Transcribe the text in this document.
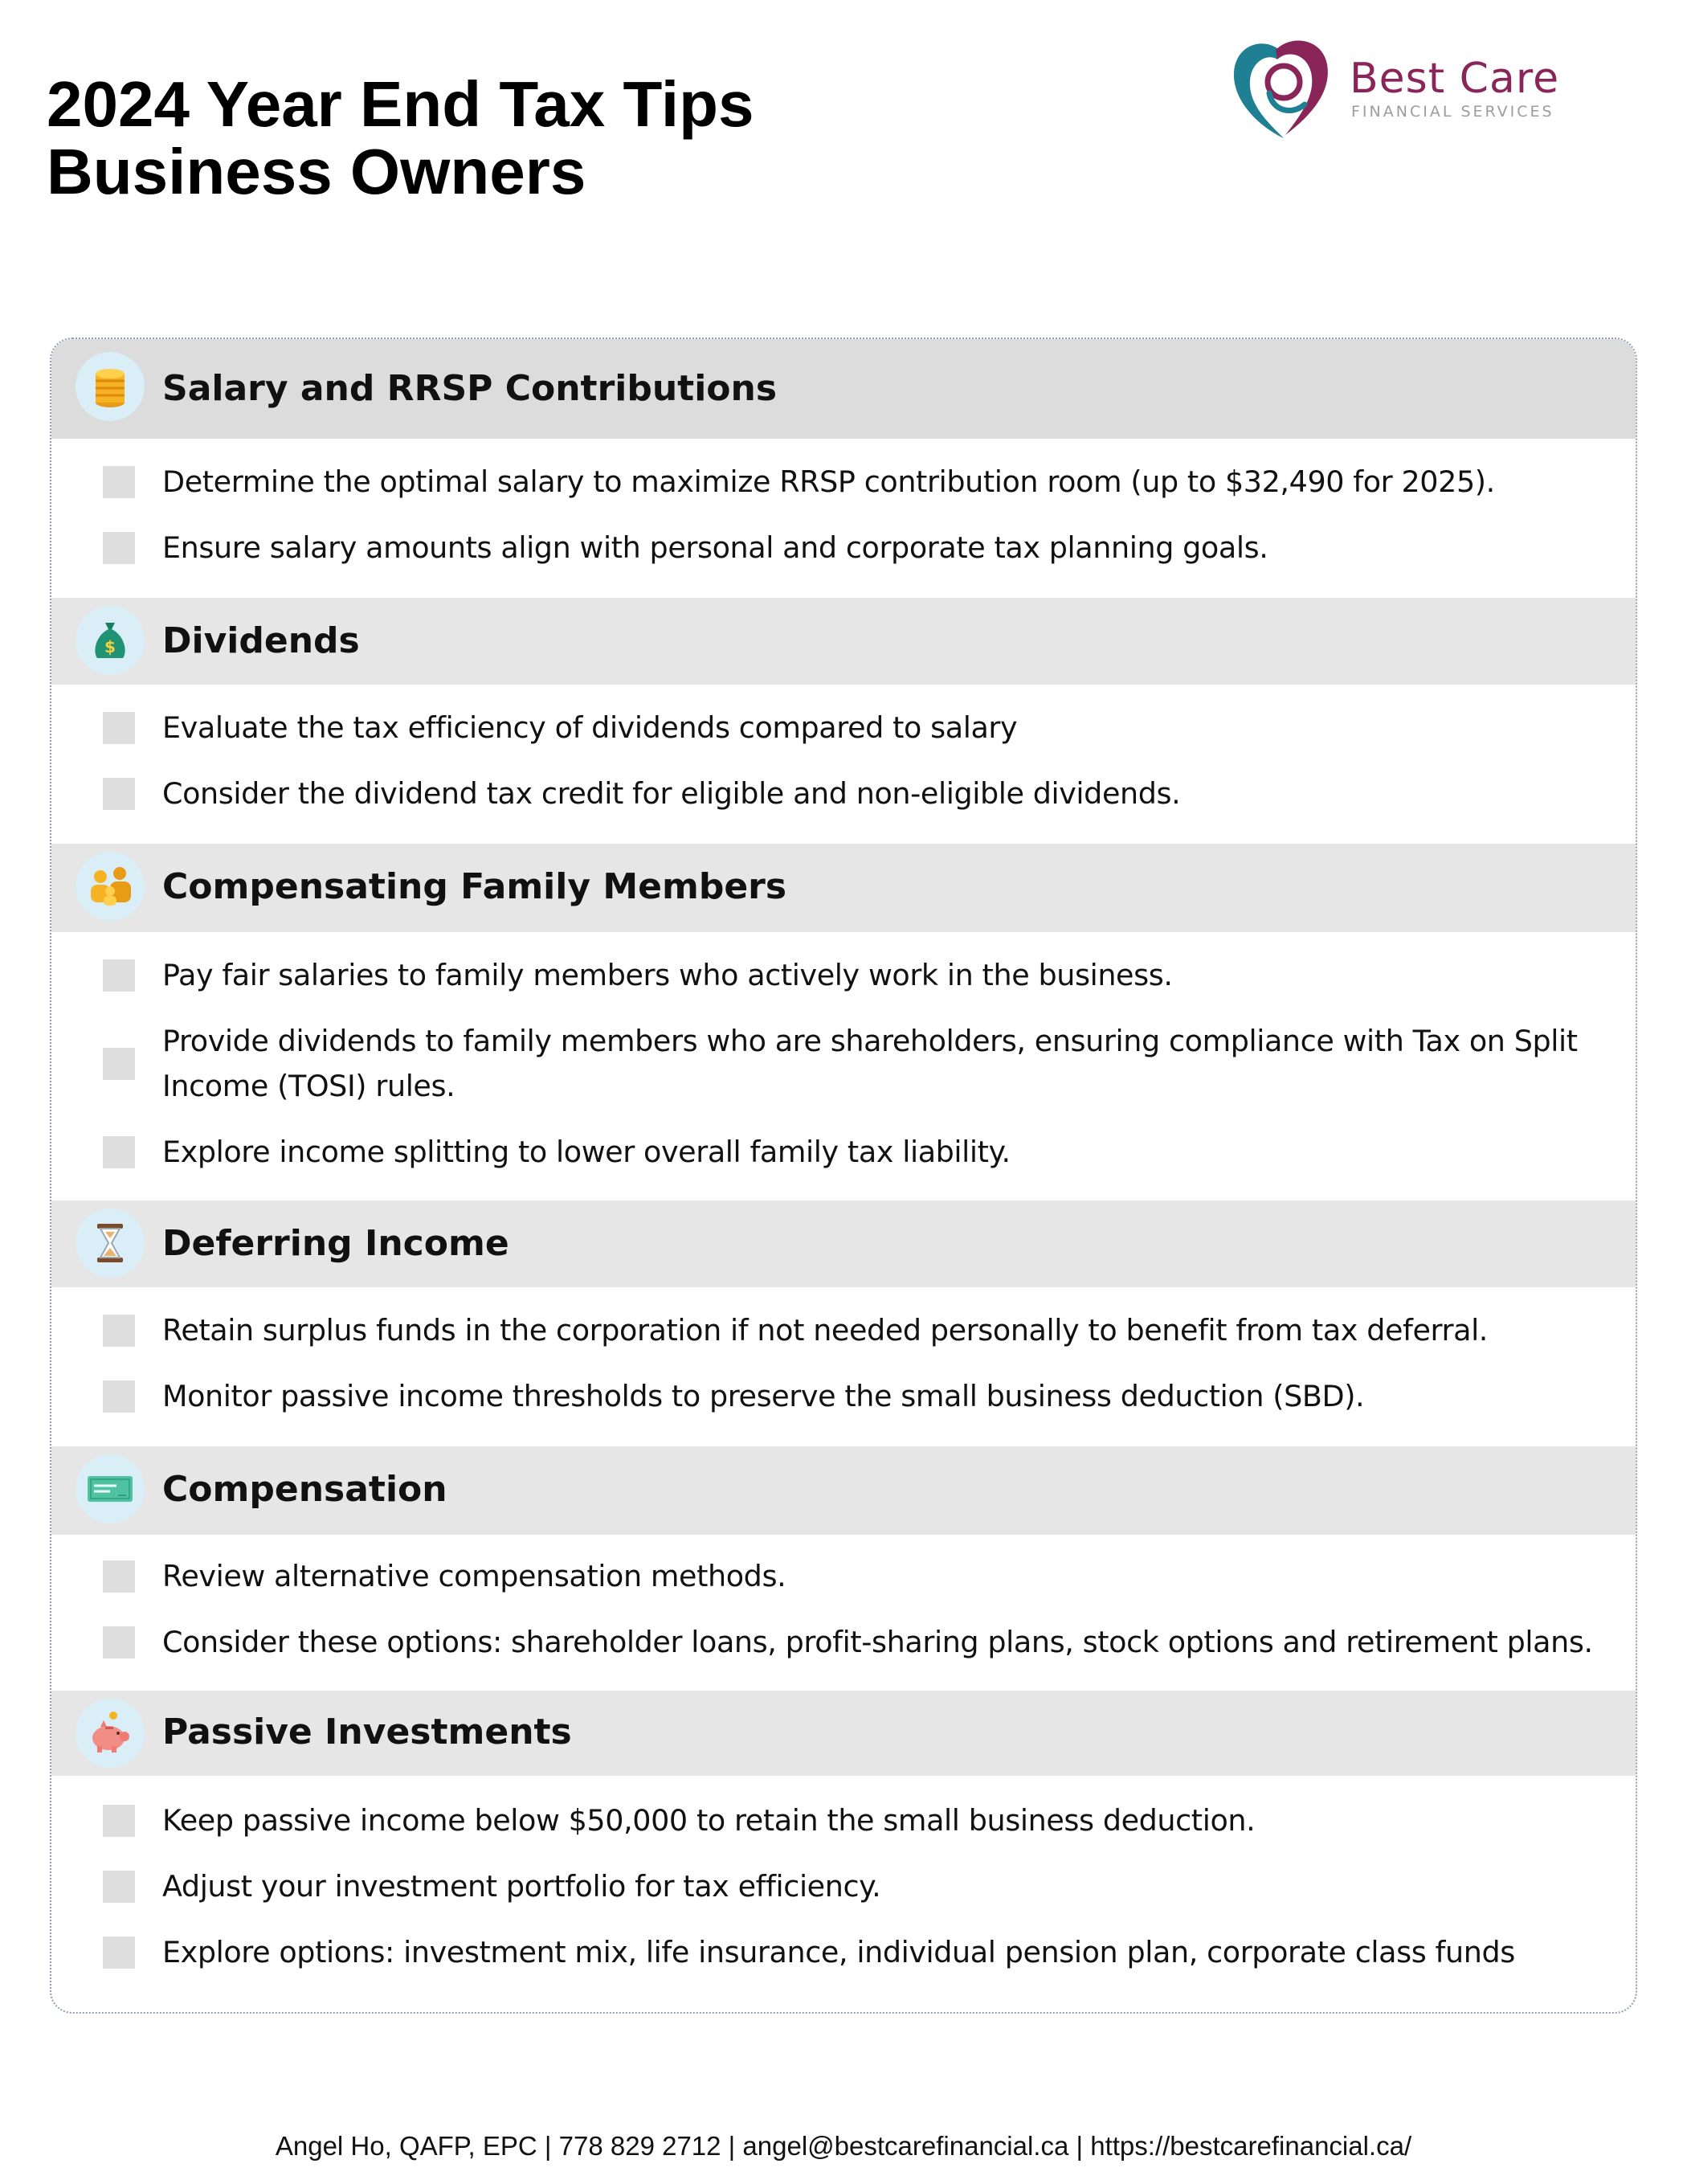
2024 Year End Tax Tips
Business Owners
Best Care
FINANCIAL SERVICES
Salary and RRSP Contributions
Determine the optimal salary to maximize RRSP contribution room (up to $32,490 for 2025).
Ensure salary amounts align with personal and corporate tax planning goals.
$ Dividends
Evaluate the tax efficiency of dividends compared to salary
Consider the dividend tax credit for eligible and non-eligible dividends.
Compensating Family Members
Pay fair salaries to family members who actively work in the business.
Provide dividends to family members who are shareholders, ensuring compliance with Tax on Split Income (TOSI) rules.
Explore income splitting to lower overall family tax liability.
Deferring Income
Retain surplus funds in the corporation if not needed personally to benefit from tax deferral.
Monitor passive income thresholds to preserve the small business deduction (SBD).
Compensation
Review alternative compensation methods.
Consider these options: shareholder loans, profit-sharing plans, stock options and retirement plans.
Passive Investments
Keep passive income below $50,000 to retain the small business deduction.
Adjust your investment portfolio for tax efficiency.
Explore options: investment mix, life insurance, individual pension plan, corporate class funds
Angel Ho, QAFP, EPC | 778 829 2712 | angel@bestcarefinancial.ca | https://bestcarefinancial.ca/
